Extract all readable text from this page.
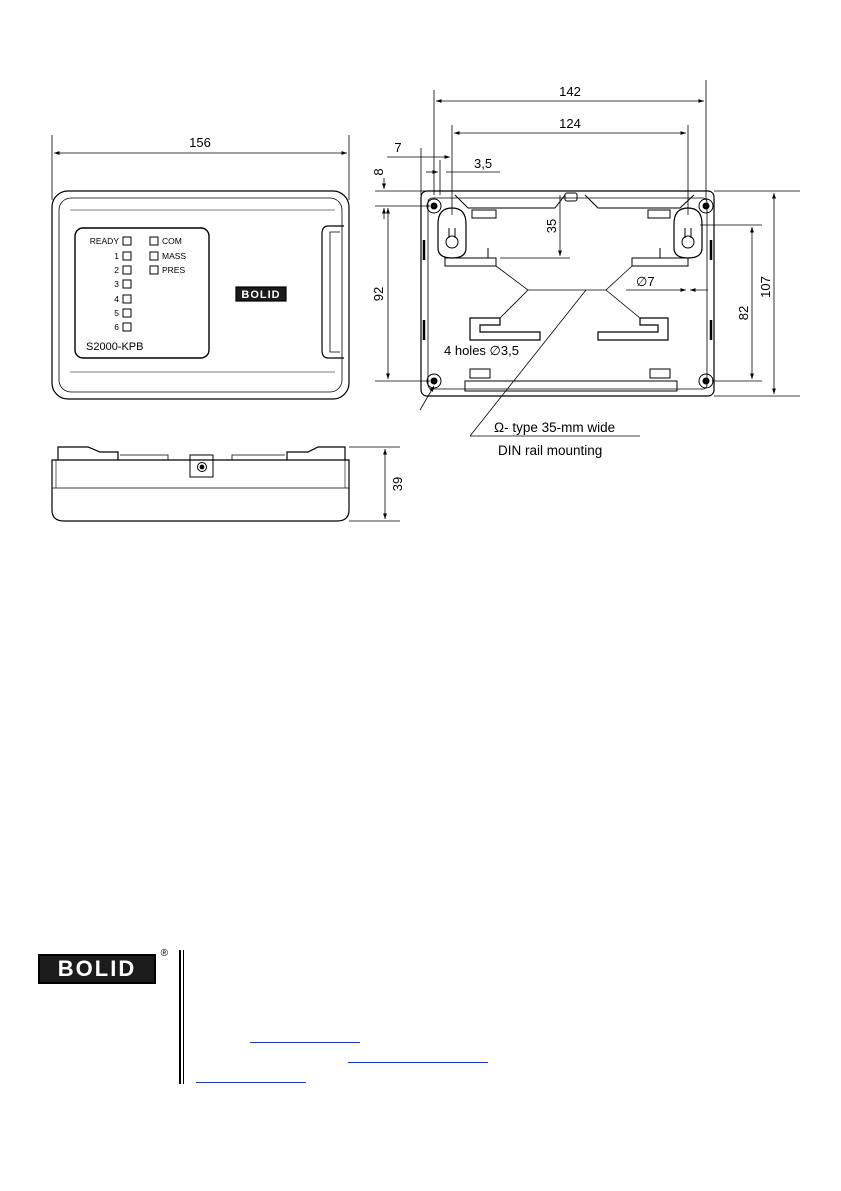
156
READY
1
2
3
4
5
6
COM
MASS
PRES
S2000-KPB
BOLID
39
142
124
7
3,5
8
35
92
82
107
∅7
4 holes ∅3,5
Ω- type 35-mm wide
DIN rail mounting
BOLID
®
